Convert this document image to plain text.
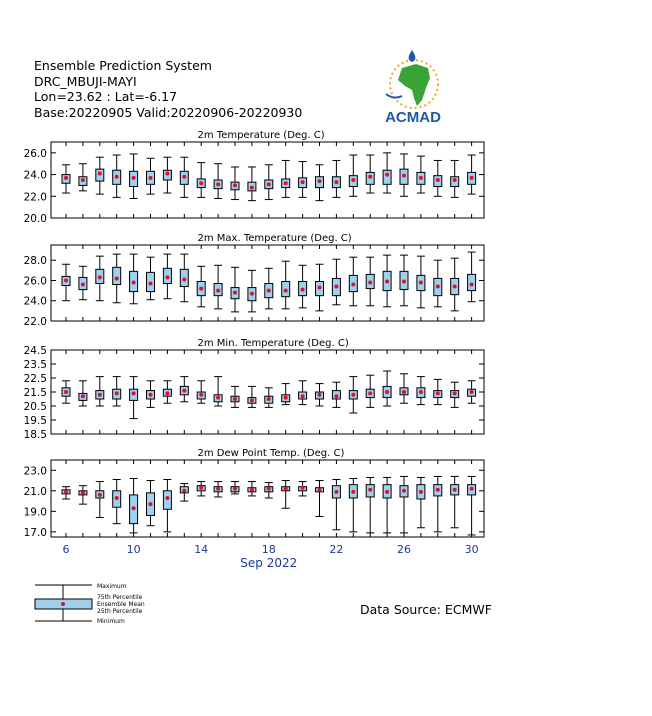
Ensemble Prediction System
DRC_MBUJI-MAYI
Lon=23.62 : Lat=-6.17
Base:20220905 Valid:20220906-20220930	ACMAD
2m Temperature (Deg. C)
20.0
22.0
24.0
26.0
2m Max. Temperature (Deg. C)
22.0
24.0
26.0
28.0
2m Min. Temperature (Deg. C)
18.5
19.5
20.5
21.5
22.5
23.5
24.5
2m Dew Point Temp. (Deg. C)
17.0
19.0
21.0
23.0
6	10	14	18	22	26	30
Sep 2022
Maximum
75th Percentile
Ensemble Mean
25th Percentile
Minimum
Data Source: ECMWF
